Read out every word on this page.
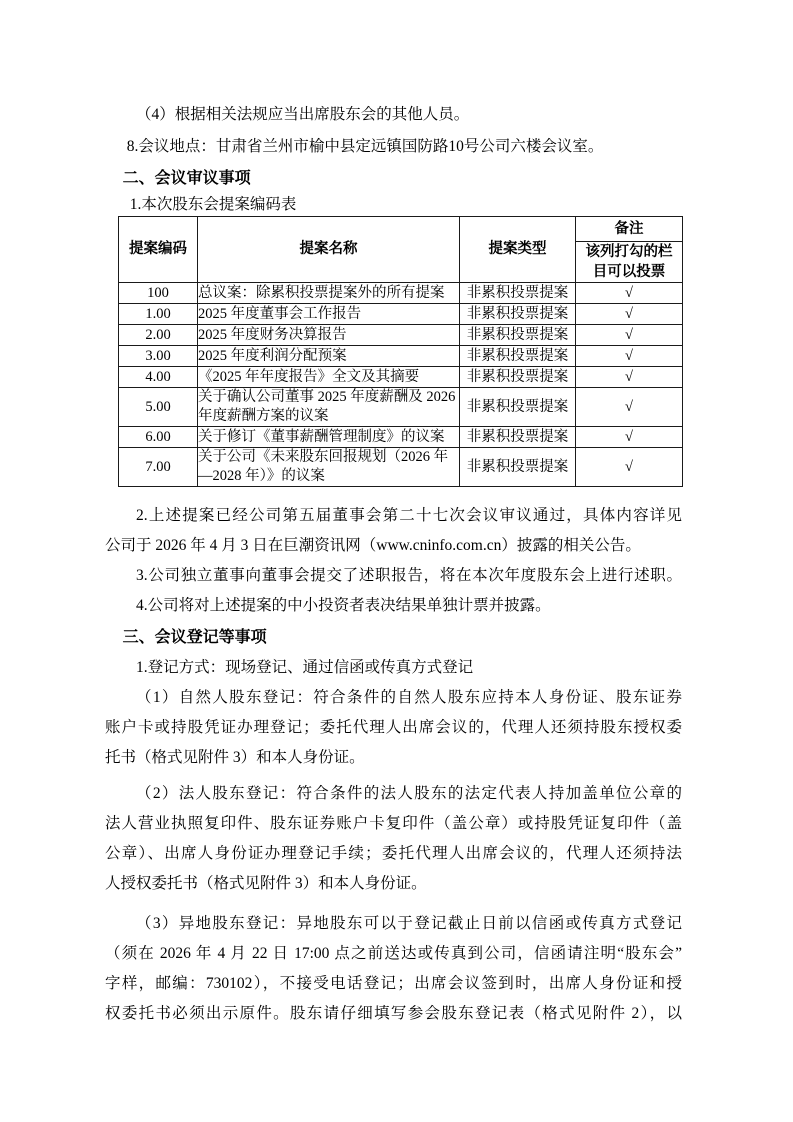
（4）根据相关法规应当出席股东会的其他人员。
8.会议地点：甘肃省兰州市榆中县定远镇国防路10号公司六楼会议室。
二、会议审议事项
1.本次股东会提案编码表
提案编码	提案名称	提案类型	备注
该列打勾的栏目可以投票

100	总议案：除累积投票提案外的所有提案	非累积投票提案	√
1.00	2025 年度董事会工作报告	非累积投票提案	√
2.00	2025 年度财务决算报告	非累积投票提案	√
3.00	2025 年度利润分配预案	非累积投票提案	√
4.00	《2025 年年度报告》全文及其摘要	非累积投票提案	√
5.00	关于确认公司董事 2025 年度薪酬及 2026 年度薪酬方案的议案	非累积投票提案	√
6.00	关于修订《董事薪酬管理制度》的议案	非累积投票提案	√
7.00	关于公司《未来股东回报规划（2026 年—2028 年）》的议案	非累积投票提案	√
2.上述提案已经公司第五届董事会第二十七次会议审议通过，具体内容详见
公司于 2026 年 4 月 3 日在巨潮资讯网（www.cninfo.com.cn）披露的相关公告。
3.公司独立董事向董事会提交了述职报告，将在本次年度股东会上进行述职。
4.公司将对上述提案的中小投资者表决结果单独计票并披露。
三、会议登记等事项
1.登记方式：现场登记、通过信函或传真方式登记
（1）自然人股东登记：符合条件的自然人股东应持本人身份证、股东证券
账户卡或持股凭证办理登记；委托代理人出席会议的，代理人还须持股东授权委
托书（格式见附件 3）和本人身份证。
（2）法人股东登记：符合条件的法人股东的法定代表人持加盖单位公章的
法人营业执照复印件、股东证券账户卡复印件（盖公章）或持股凭证复印件（盖
公章）、出席人身份证办理登记手续；委托代理人出席会议的，代理人还须持法
人授权委托书（格式见附件 3）和本人身份证。
（3）异地股东登记：异地股东可以于登记截止日前以信函或传真方式登记
（须在 2026 年 4 月 22 日 17:00 点之前送达或传真到公司，信函请注明“股东会”
字样，邮编：730102），不接受电话登记；出席会议签到时，出席人身份证和授
权委托书必须出示原件。股东请仔细填写参会股东登记表（格式见附件 2），以
